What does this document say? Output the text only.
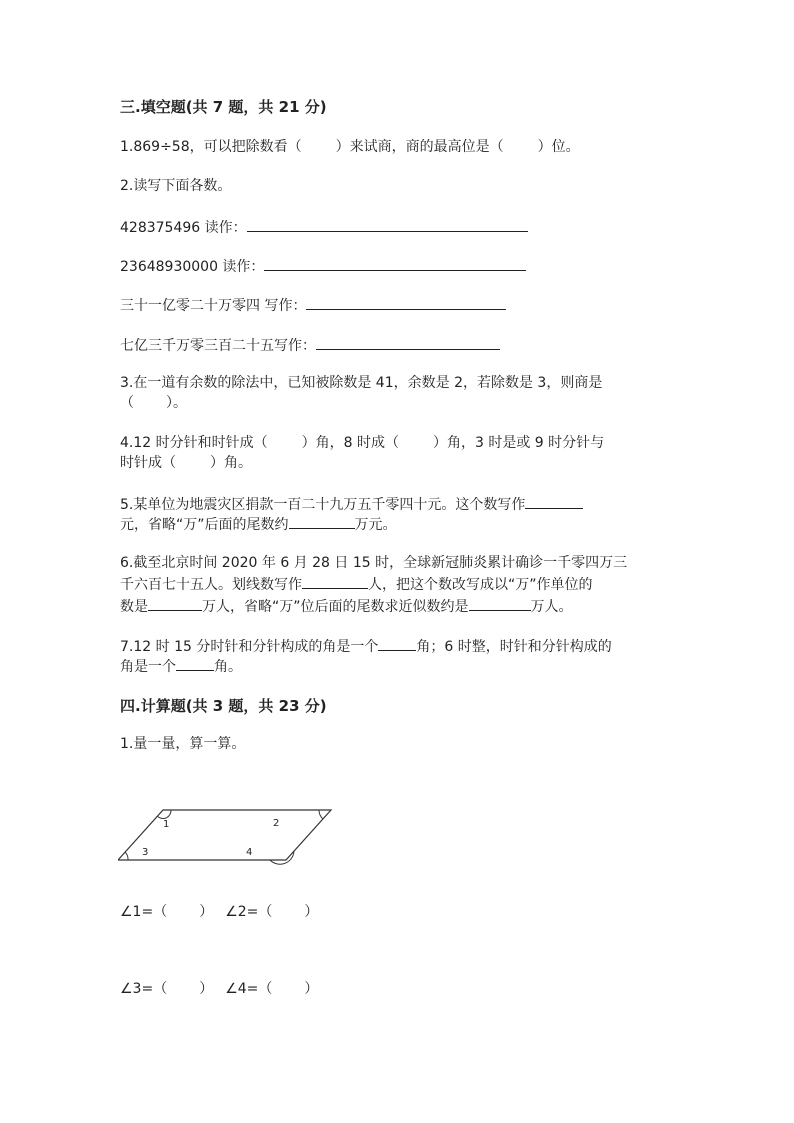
三.填空题(共 7 题，共 21 分)
1.869÷58，可以把除数看（ ）来试商，商的最高位是（ ）位。
2.读写下面各数。
428375496 读作：
23648930000 读作：
三十一亿零二十万零四 写作：
七亿三千万零三百二十五写作：
3.在一道有余数的除法中，已知被除数是 41，余数是 2，若除数是 3，则商是
（ ）。
4.12 时分针和时针成（ ）角，8 时成（ ）角，3 时是或 9 时分针与
时针成（ ）角。
5.某单位为地震灾区捐款一百二十九万五千零四十元。这个数写作
元，省略“万”后面的尾数约	万元。
6.截至北京时间 2020 年 6 月 28 日 15 时，全球新冠肺炎累计确诊一千零四万三
千六百七十五人。划线数写作	人，把这个数改写成以“万”作单位的
数是	万人，省略“万”位后面的尾数求近似数约是	万人。
7.12 时 15 分时针和分针构成的角是一个	角；6 时整，时针和分针构成的
角是一个	角。
四.计算题(共 3 题，共 23 分)
1.量一量，算一算。
1	2
3	4
∠1=（ ） ∠2=（ ）
∠3=（ ） ∠4=（ ）
